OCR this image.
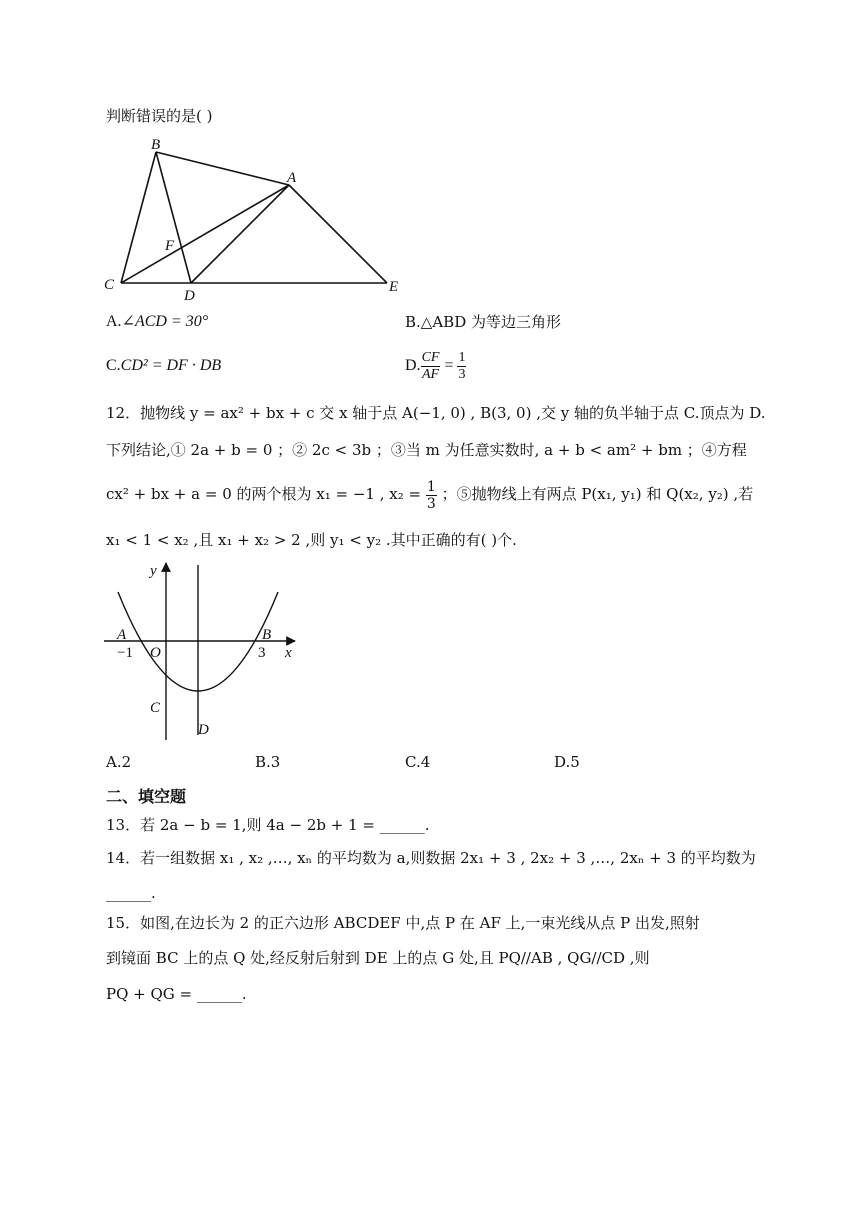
判断错误的是( )
B
A
F
C
D
E
A.∠ACD = 30°	B.△ABD 为等边三角形
C.CD² = DF · DB	D. $\frac{CF}{AF} = \frac{1}{3}$
12．抛物线 y = ax² + bx + c 交 x 轴于点 A(−1, 0) , B(3, 0) ,交 y 轴的负半轴于点 C.顶点为 D.
下列结论,① 2a + b = 0 ；② 2c < 3b ；③当 m 为任意实数时, a + b < am² + bm ；④方程
cx² + bx + a = 0 的两个根为 x₁ = −1 , $x_2 = \frac{1}{3}$ ；⑤抛物线上有两点 P(x₁, y₁) 和 Q(x₂, y₂) ,若
x₁ < 1 < x₂ ,且 x₁ + x₂ > 2 ,则 y₁ < y₂ .其中正确的有( )个.
y
x
A	B
O
C
D
−1	3
A.2	B.3	C.4	D.5
二、填空题
13．若 2a − b = 1,则 4a − 2b + 1 = ______.
14．若一组数据 x₁ , x₂ ,…, xₙ 的平均数为 a,则数据 2x₁ + 3 , 2x₂ + 3 ,…, 2xₙ + 3 的平均数为
______.
15．如图,在边长为 2 的正六边形 ABCDEF 中,点 P 在 AF 上,一束光线从点 P 出发,照射
到镜面 BC 上的点 Q 处,经反射后射到 DE 上的点 G 处,且 PQ//AB , QG//CD ,则
PQ + QG = ______.
